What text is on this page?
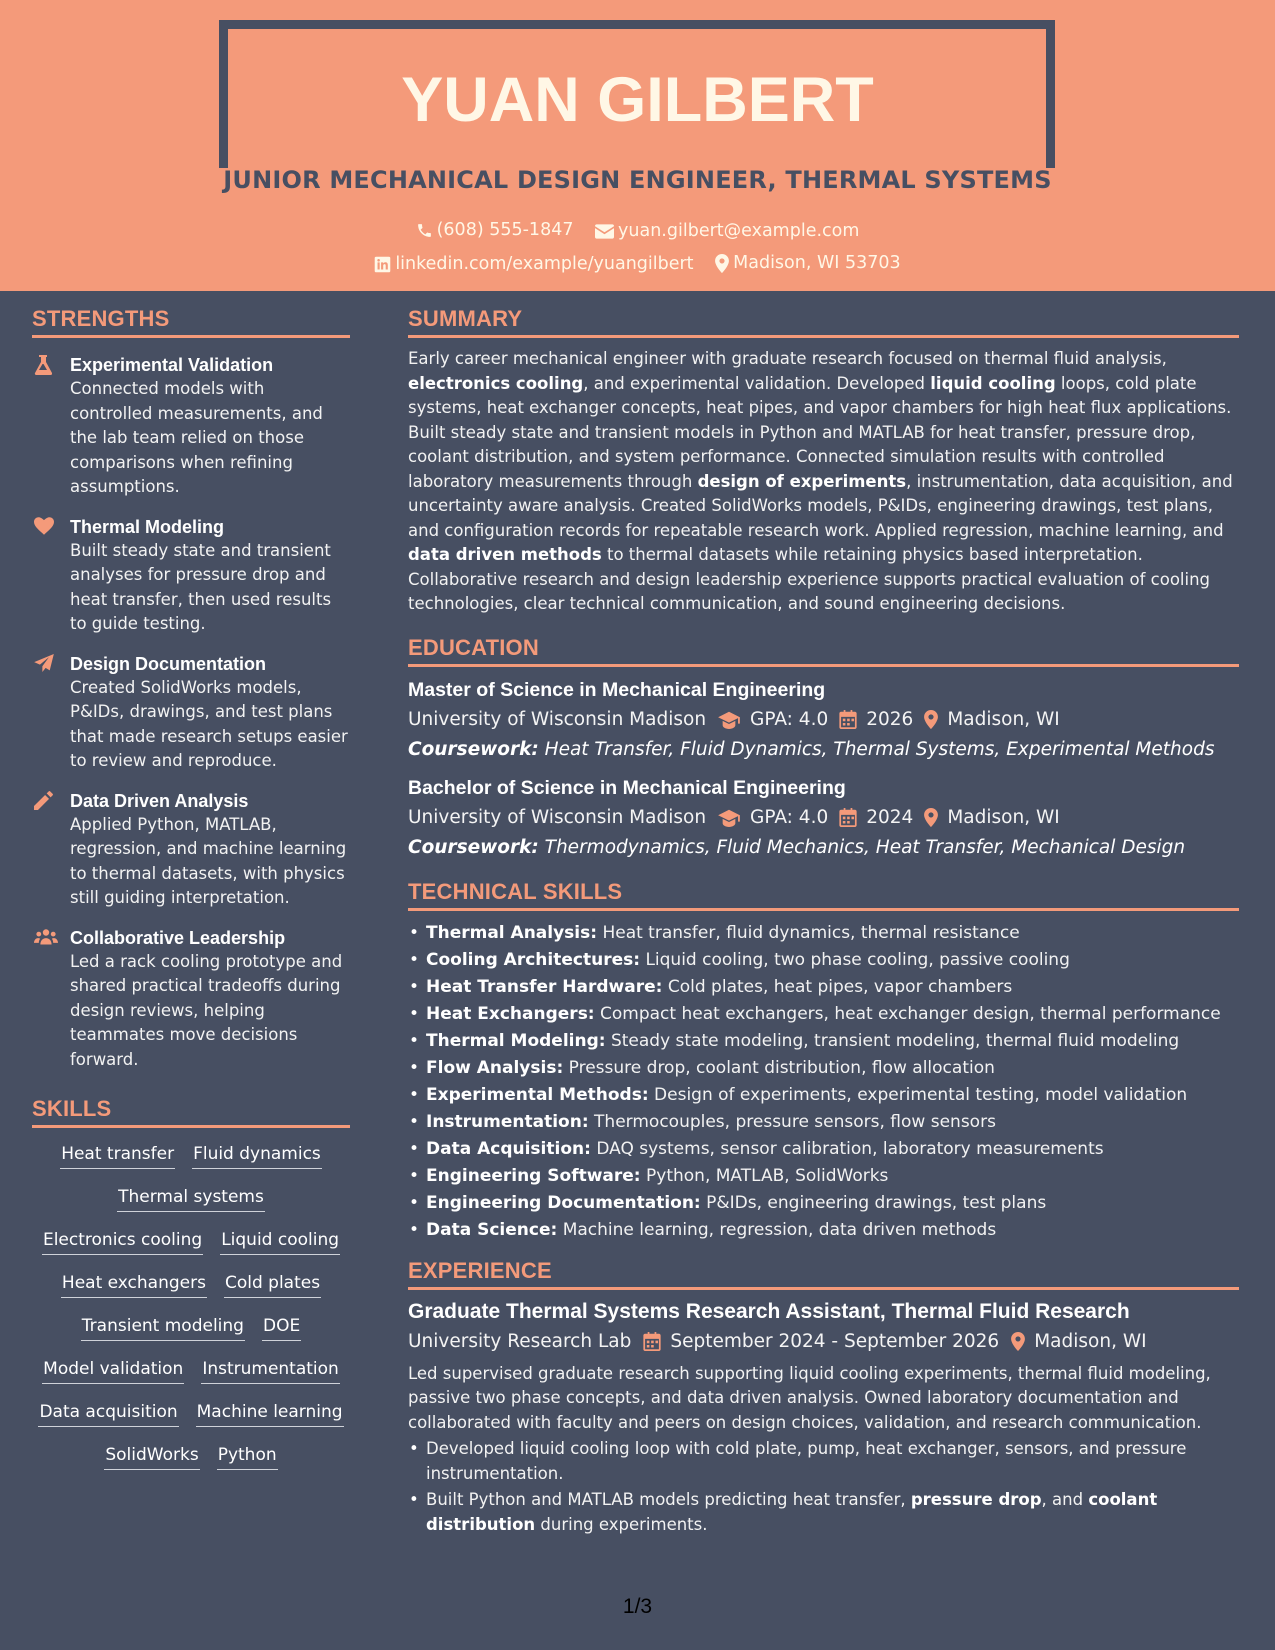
YUAN GILBERT
JUNIOR MECHANICAL DESIGN ENGINEER, THERMAL SYSTEMS
(608) 555-1847
	yuan.gilbert@example.com
linkedin.com/example/yuangilbert
Madison, WI 53703
STRENGTHS
Experimental Validation
Connected models with controlled measurements, and the lab team relied on those comparisons when refining assumptions.
Thermal Modeling
Built steady state and transient analyses for pressure drop and heat transfer, then used results to guide testing.
Design Documentation
Created SolidWorks models, P&IDs, drawings, and test plans that made research setups easier to review and reproduce.
Data Driven Analysis
Applied Python, MATLAB, regression, and machine learning to thermal datasets, with physics still guiding interpretation.
Collaborative Leadership
Led a rack cooling prototype and shared practical tradeoffs during design reviews, helping teammates move decisions forward.
SKILLS
Heat transfer Fluid dynamics
Thermal systems
Electronics cooling Liquid cooling
Heat exchangers Cold plates
Transient modeling DOE
Model validation Instrumentation
Data acquisition Machine learning
SolidWorks Python
SUMMARY
Early career mechanical engineer with graduate research focused on thermal fluid analysis, electronics cooling, and experimental validation. Developed liquid cooling loops, cold plate systems, heat exchanger concepts, heat pipes, and vapor chambers for high heat flux applications. Built steady state and transient models in Python and MATLAB for heat transfer, pressure drop, coolant distribution, and system performance. Connected simulation results with controlled laboratory measurements through design of experiments, instrumentation, data acquisition, and uncertainty aware analysis. Created SolidWorks models, P&IDs, engineering drawings, test plans, and configuration records for repeatable research work. Applied regression, machine learning, and data driven methods to thermal datasets while retaining physics based interpretation. Collaborative research and design leadership experience supports practical evaluation of cooling technologies, clear technical communication, and sound engineering decisions.
EDUCATION
Master of Science in Mechanical Engineering
University of Wisconsin Madison GPA: 4.0 2026 Madison, WI
Coursework: Heat Transfer, Fluid Dynamics, Thermal Systems, Experimental Methods
Bachelor of Science in Mechanical Engineering
University of Wisconsin Madison GPA: 4.0 2024 Madison, WI
Coursework: Thermodynamics, Fluid Mechanics, Heat Transfer, Mechanical Design
TECHNICAL SKILLS
• Thermal Analysis: Heat transfer, fluid dynamics, thermal resistance
• Cooling Architectures: Liquid cooling, two phase cooling, passive cooling
• Heat Transfer Hardware: Cold plates, heat pipes, vapor chambers
• Heat Exchangers: Compact heat exchangers, heat exchanger design, thermal performance
• Thermal Modeling: Steady state modeling, transient modeling, thermal fluid modeling
• Flow Analysis: Pressure drop, coolant distribution, flow allocation
• Experimental Methods: Design of experiments, experimental testing, model validation
• Instrumentation: Thermocouples, pressure sensors, flow sensors
• Data Acquisition: DAQ systems, sensor calibration, laboratory measurements
• Engineering Software: Python, MATLAB, SolidWorks
• Engineering Documentation: P&IDs, engineering drawings, test plans
• Data Science: Machine learning, regression, data driven methods
EXPERIENCE
Graduate Thermal Systems Research Assistant, Thermal Fluid Research
University Research Lab September 2024 - September 2026 Madison, WI
Led supervised graduate research supporting liquid cooling experiments, thermal fluid modeling, passive two phase concepts, and data driven analysis. Owned laboratory documentation and collaborated with faculty and peers on design choices, validation, and research communication.
• Developed liquid cooling loop with cold plate, pump, heat exchanger, sensors, and pressure instrumentation.
• Built Python and MATLAB models predicting heat transfer, pressure drop, and coolant distribution during experiments.
1/3
